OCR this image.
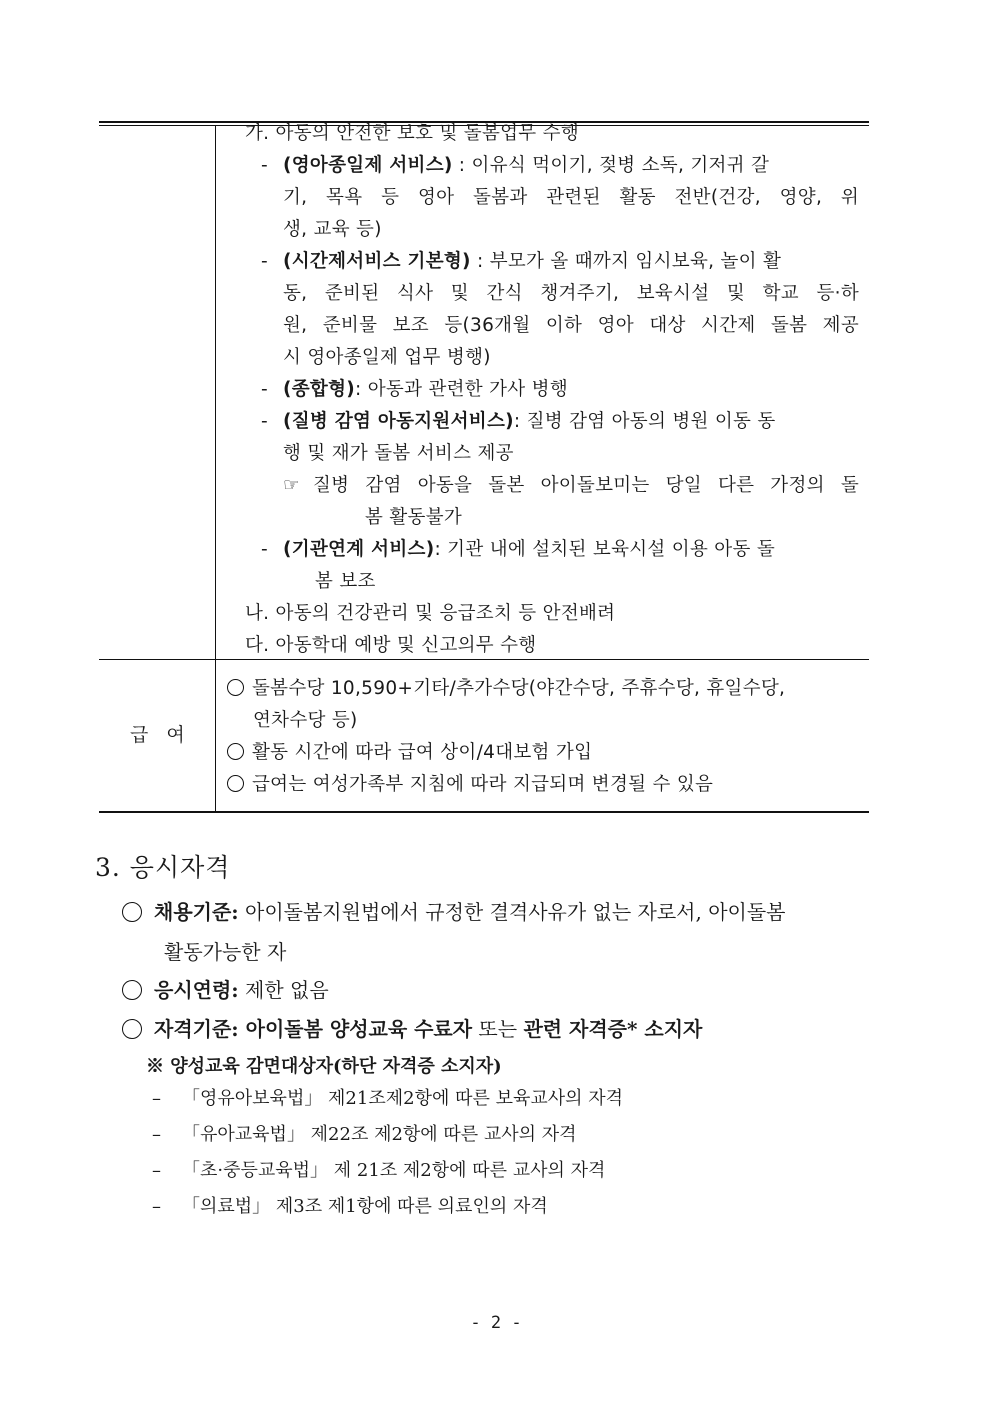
가. 아동의 안전한 보호 및 돌봄업무 수행
- (영아종일제 서비스) : 이유식 먹이기, 젖병 소독, 기저귀 갈
기, 목욕 등 영아 돌봄과 관련된 활동 전반(건강, 영양, 위
생, 교육 등)
- (시간제서비스 기본형) : 부모가 올 때까지 임시보육, 놀이 활
동, 준비된 식사 및 간식 챙겨주기, 보육시설 및 학교 등·하
원, 준비물 보조 등(36개월 이하 영아 대상 시간제 돌봄 제공
시 영아종일제 업무 병행)
- (종합형): 아동과 관련한 가사 병행
- (질병 감염 아동지원서비스): 질병 감염 아동의 병원 이동 동
행 및 재가 돌봄 서비스 제공
☞ 질병 감염 아동을 돌본 아이돌보미는 당일 다른 가정의 돌
봄 활동불가
- (기관연계 서비스): 기관 내에 설치된 보육시설 이용 아동 돌
봄 보조
나. 아동의 건강관리 및 응급조치 등 안전배려
다. 아동학대 예방 및 신고의무 수행
급 여
돌봄수당 10,590+기타/추가수당(야간수당, 주휴수당, 휴일수당,
연차수당 등)
활동 시간에 따라 급여 상이/4대보험 가입
급여는 여성가족부 지침에 따라 지급되며 변경될 수 있음
3. 응시자격
채용기준: 아이돌봄지원법에서 규정한 결격사유가 없는 자로서, 아이돌봄
활동가능한 자
응시연령: 제한 없음
자격기준: 아이돌봄 양성교육 수료자 또는 관련 자격증* 소지자
※ 양성교육 감면대상자(하단 자격증 소지자)
– 「영유아보육법」 제21조제2항에 따른 보육교사의 자격
– 「유아교육법」 제22조 제2항에 따른 교사의 자격
– 「초·중등교육법」 제 21조 제2항에 따른 교사의 자격
– 「의료법」 제3조 제1항에 따른 의료인의 자격
- 2 -
